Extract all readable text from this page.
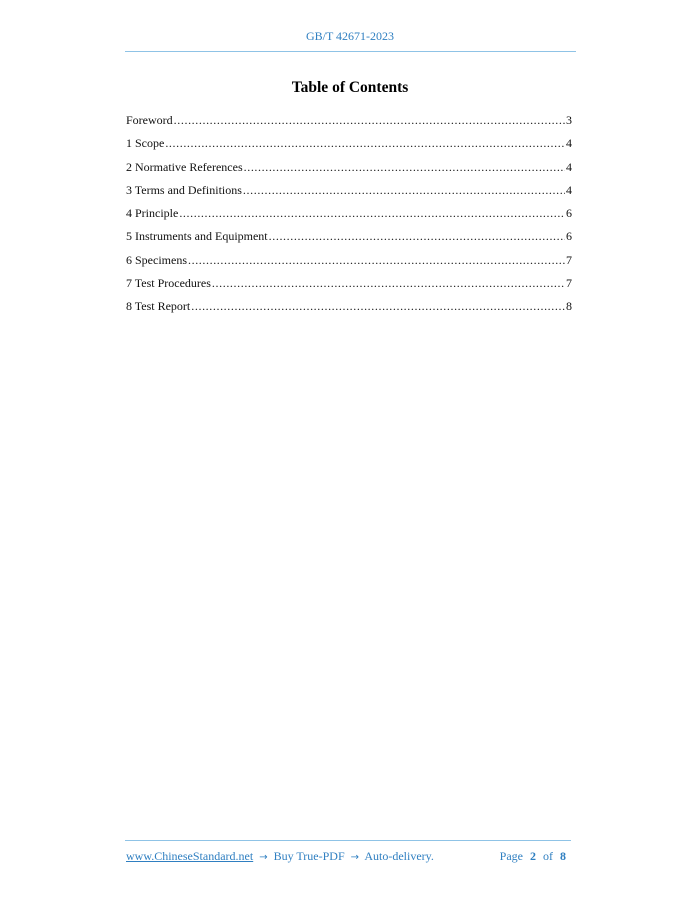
GB/T 42671-2023
Table of Contents
Foreword .....	3
1 Scope .....	4
2 Normative References .....	4
3 Terms and Definitions .....	4
4 Principle .....	6
5 Instruments and Equipment .....	6
6 Specimens .....	7
7 Test Procedures .....	7
8 Test Report .....	8
www.ChineseStandard.net → Buy True-PDF → Auto-delivery.	Page 2 of 8
